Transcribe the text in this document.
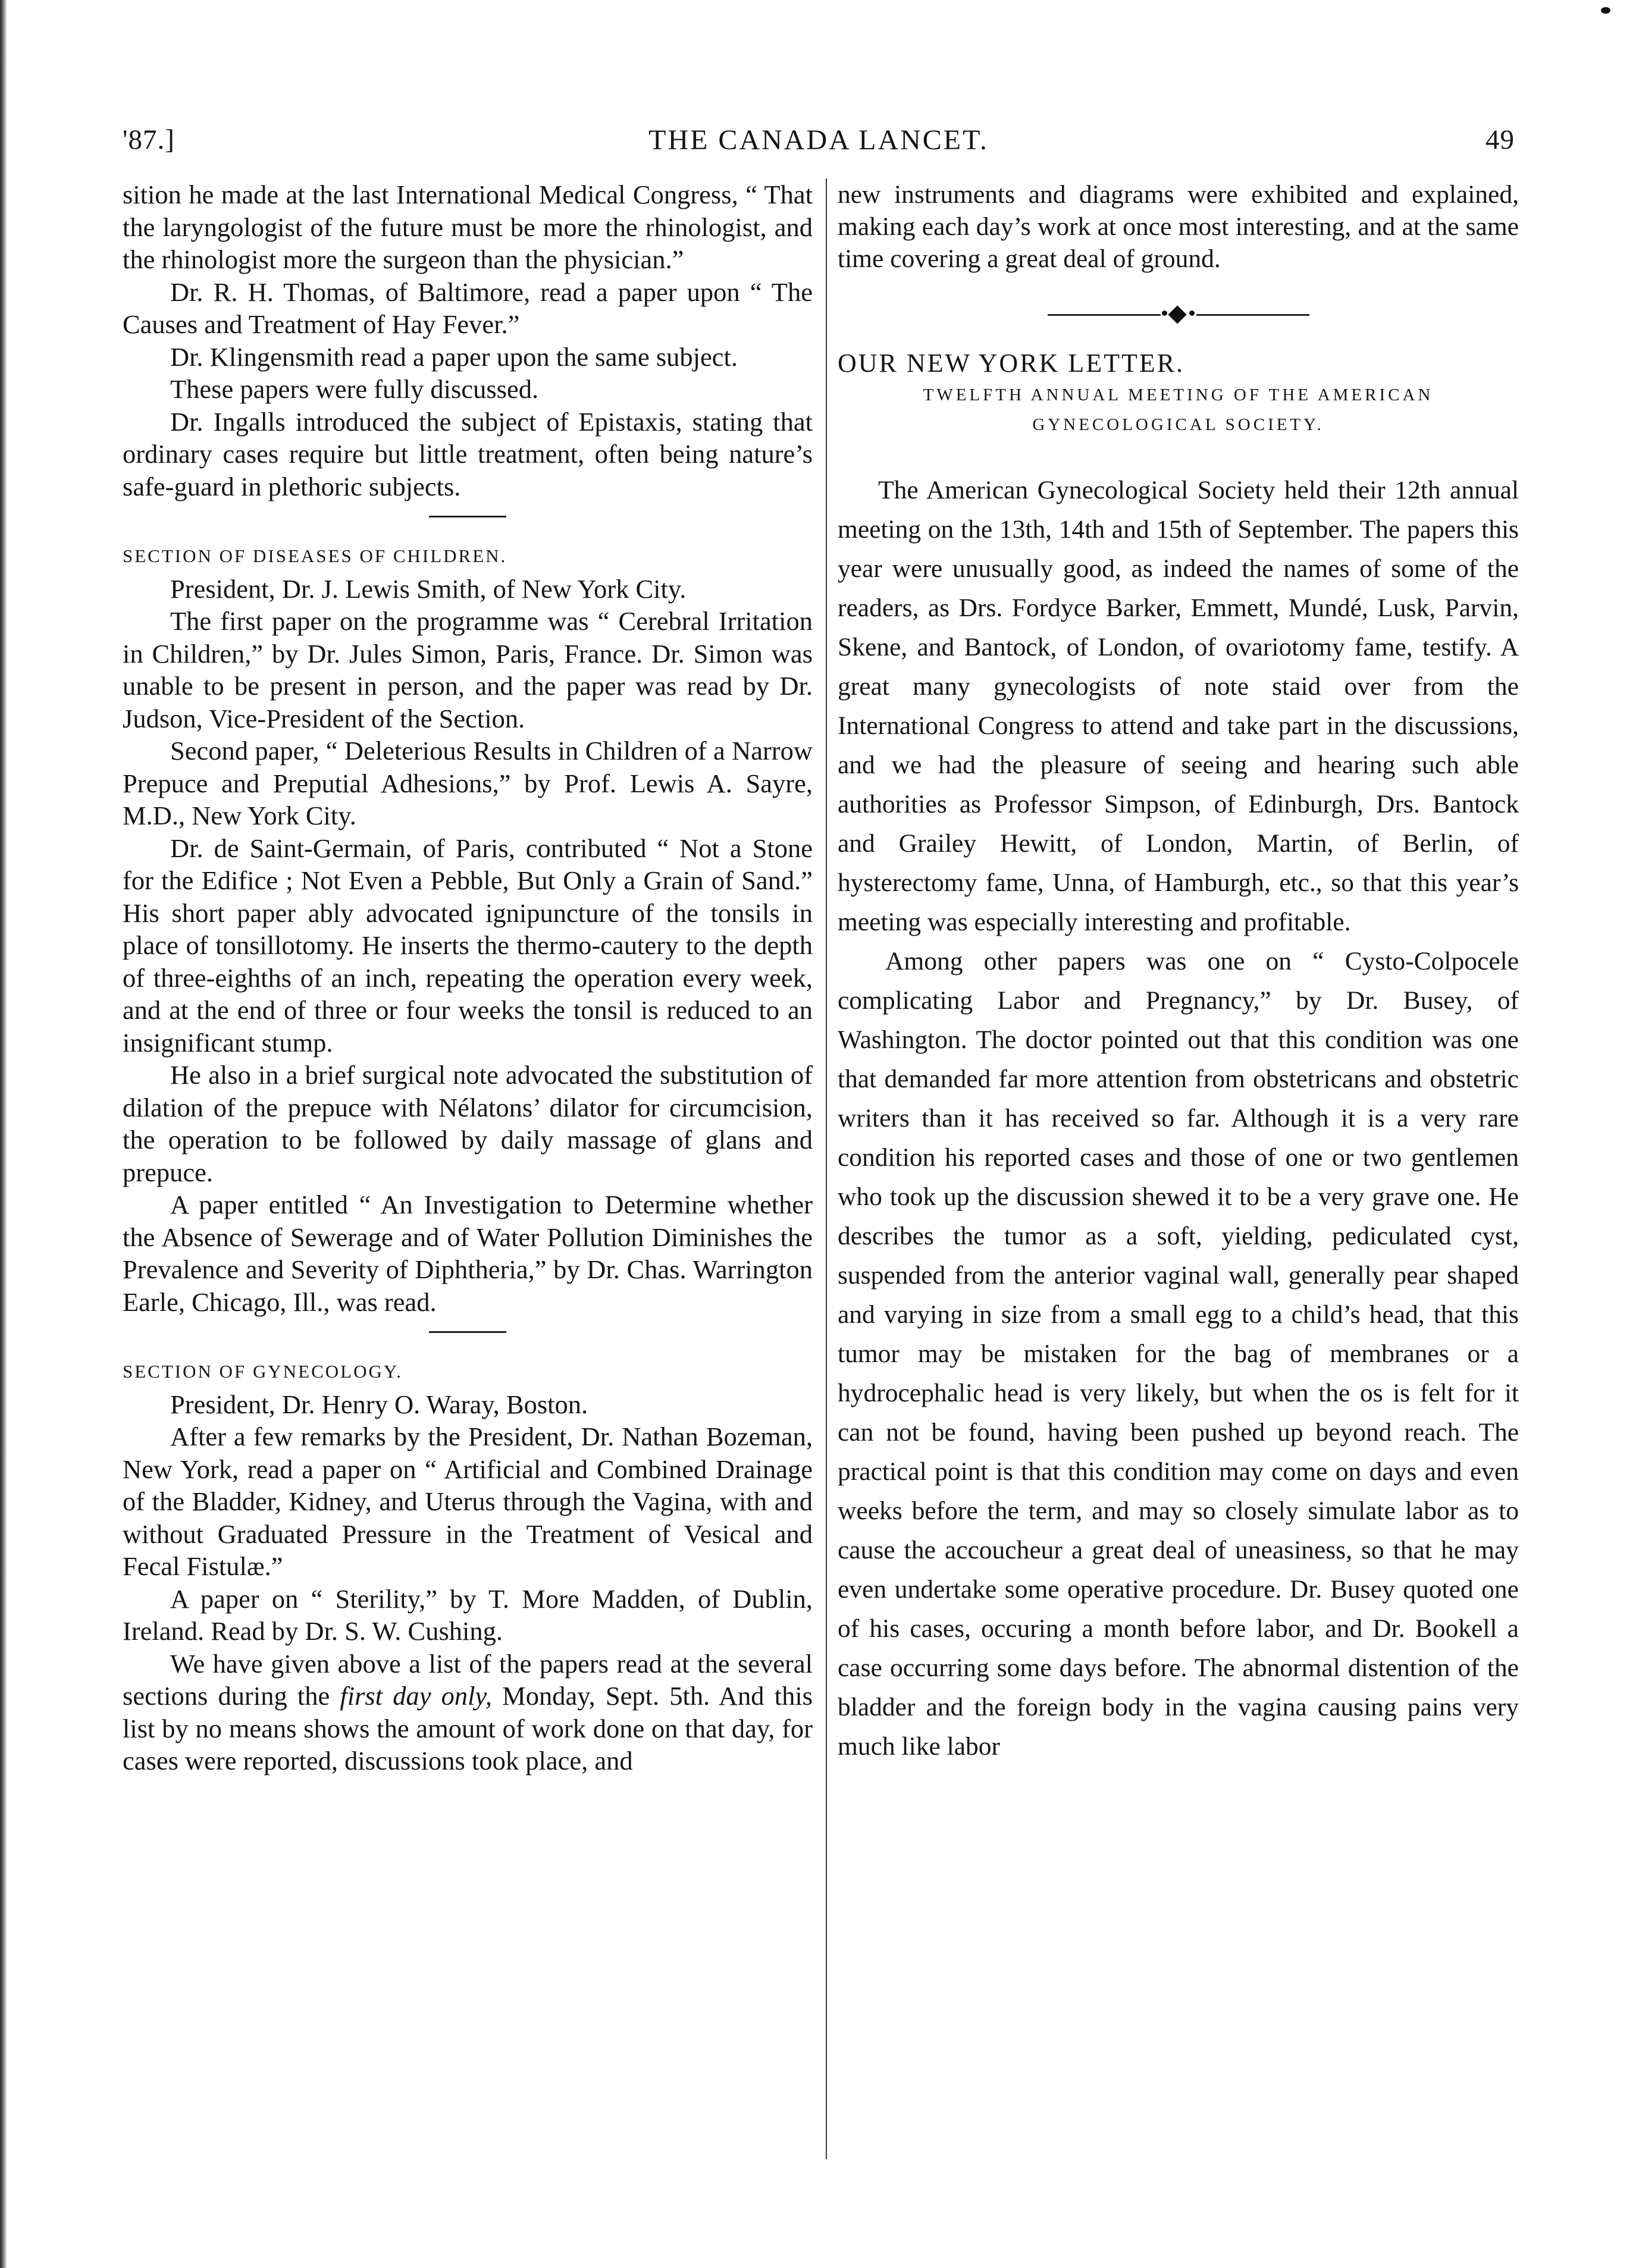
'87.]	THE CANADA LANCET.	49

sition he made at the last International Medical Congress, “ That the laryngologist of the future must be more the rhinologist, and the rhinologist more the surgeon than the physician.”

Dr. R. H. Thomas, of Baltimore, read a paper upon “ The Causes and Treatment of Hay Fever.”

Dr. Klingensmith read a paper upon the same subject.

These papers were fully discussed.

Dr. Ingalls introduced the subject of Epistaxis, stating that ordinary cases require but little treatment, often being nature’s safe-guard in plethoric subjects.

SECTION OF DISEASES OF CHILDREN.

President, Dr. J. Lewis Smith, of New York City.

The first paper on the programme was “ Cerebral Irritation in Children,” by Dr. Jules Simon, Paris, France. Dr. Simon was unable to be present in person, and the paper was read by Dr. Judson, Vice-President of the Section.

Second paper, “ Deleterious Results in Children of a Narrow Prepuce and Preputial Adhesions,” by Prof. Lewis A. Sayre, M.D., New York City.

Dr. de Saint-Germain, of Paris, contributed “ Not a Stone for the Edifice ; Not Even a Pebble, But Only a Grain of Sand.” His short paper ably advocated ignipuncture of the tonsils in place of tonsillotomy. He inserts the thermo-cautery to the depth of three-eighths of an inch, repeating the operation every week, and at the end of three or four weeks the tonsil is reduced to an insignificant stump.

He also in a brief surgical note advocated the substitution of dilation of the prepuce with Nélatons’ dilator for circumcision, the operation to be followed by daily massage of glans and prepuce.

A paper entitled “ An Investigation to Determine whether the Absence of Sewerage and of Water Pollution Diminishes the Prevalence and Severity of Diphtheria,” by Dr. Chas. Warrington Earle, Chicago, Ill., was read.

SECTION OF GYNECOLOGY.

President, Dr. Henry O. Waray, Boston.

After a few remarks by the President, Dr. Nathan Bozeman, New York, read a paper on “ Artificial and Combined Drainage of the Bladder, Kidney, and Uterus through the Vagina, with and without Graduated Pressure in the Treatment of Vesical and Fecal Fistulæ.”

A paper on “ Sterility,” by T. More Madden, of Dublin, Ireland. Read by Dr. S. W. Cushing.

We have given above a list of the papers read at the several sections during the first day only, Monday, Sept. 5th. And this list by no means shows the amount of work done on that day, for cases were reported, discussions took place, and

new instruments and diagrams were exhibited and explained, making each day’s work at once most interesting, and at the same time covering a great deal of ground.

OUR NEW YORK LETTER.

TWELFTH ANNUAL MEETING OF THE AMERICAN
GYNECOLOGICAL SOCIETY.

The American Gynecological Society held their 12th annual meeting on the 13th, 14th and 15th of September. The papers this year were unusually good, as indeed the names of some of the readers, as Drs. Fordyce Barker, Emmett, Mundé, Lusk, Parvin, Skene, and Bantock, of London, of ovariotomy fame, testify. A great many gynecologists of note staid over from the International Congress to attend and take part in the discussions, and we had the pleasure of seeing and hearing such able authorities as Professor Simpson, of Edinburgh, Drs. Bantock and Grailey Hewitt, of London, Martin, of Berlin, of hysterectomy fame, Unna, of Hamburgh, etc., so that this year’s meeting was especially interesting and profitable.

Among other papers was one on “ Cysto-Colpocele complicating Labor and Pregnancy,” by Dr. Busey, of Washington. The doctor pointed out that this condition was one that demanded far more attention from obstetricans and obstetric writers than it has received so far. Although it is a very rare condition his reported cases and those of one or two gentlemen who took up the discussion shewed it to be a very grave one. He describes the tumor as a soft, yielding, pediculated cyst, suspended from the anterior vaginal wall, generally pear shaped and varying in size from a small egg to a child’s head, that this tumor may be mistaken for the bag of membranes or a hydrocephalic head is very likely, but when the os is felt for it can not be found, having been pushed up beyond reach. The practical point is that this condition may come on days and even weeks before the term, and may so closely simulate labor as to cause the accoucheur a great deal of uneasiness, so that he may even undertake some operative procedure. Dr. Busey quoted one of his cases, occuring a month before labor, and Dr. Bookell a case occurring some days before. The abnormal distention of the bladder and the foreign body in the vagina causing pains very much like labor
